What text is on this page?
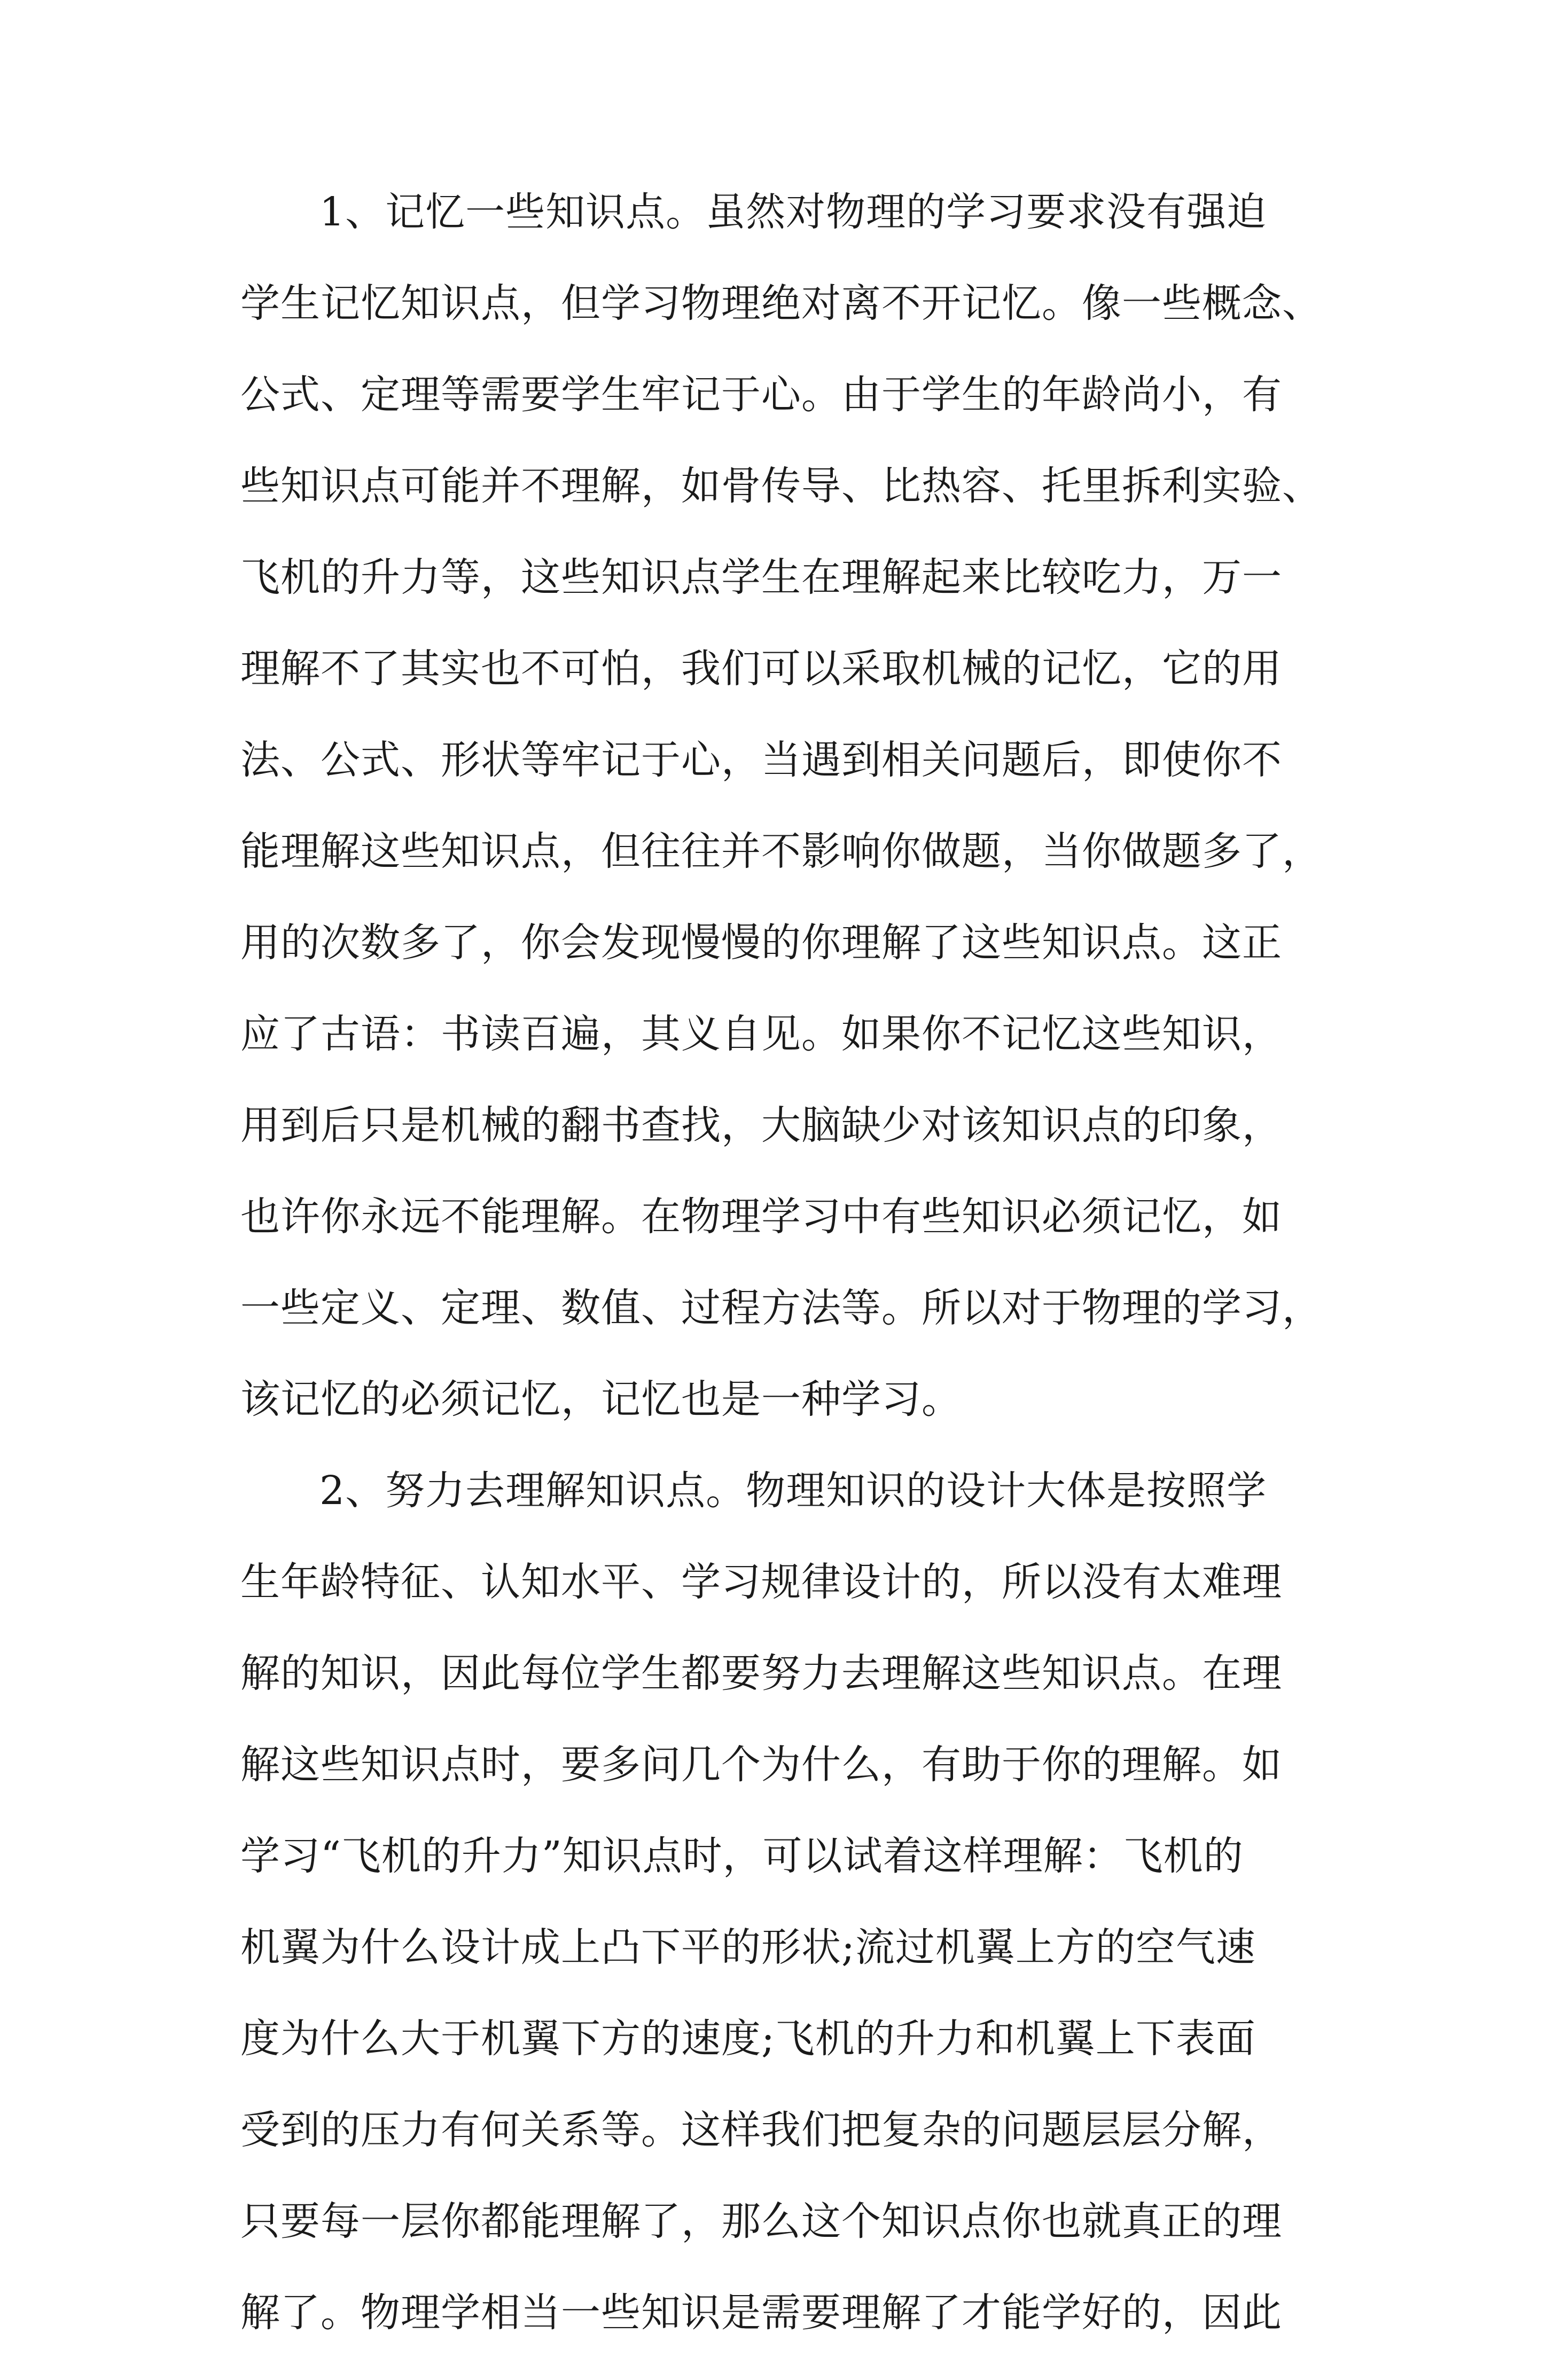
1、记忆一些知识点。虽然对物理的学习要求没有强迫
学生记忆知识点，但学习物理绝对离不开记忆。像一些概念、
公式、定理等需要学生牢记于心。由于学生的年龄尚小，有
些知识点可能并不理解，如骨传导、比热容、托里拆利实验、
飞机的升力等，这些知识点学生在理解起来比较吃力，万一
理解不了其实也不可怕，我们可以采取机械的记忆，它的用
法、公式、形状等牢记于心，当遇到相关问题后，即使你不
能理解这些知识点，但往往并不影响你做题，当你做题多了，
用的次数多了，你会发现慢慢的你理解了这些知识点。这正
应了古语：书读百遍，其义自见。如果你不记忆这些知识，
用到后只是机械的翻书查找，大脑缺少对该知识点的印象，
也许你永远不能理解。在物理学习中有些知识必须记忆，如
一些定义、定理、数值、过程方法等。所以对于物理的学习，
该记忆的必须记忆，记忆也是一种学习。
2、努力去理解知识点。物理知识的设计大体是按照学
生年龄特征、认知水平、学习规律设计的，所以没有太难理
解的知识，因此每位学生都要努力去理解这些知识点。在理
解这些知识点时，要多问几个为什么，有助于你的理解。如
学习“飞机的升力”知识点时，可以试着这样理解：飞机的
机翼为什么设计成上凸下平的形状;流过机翼上方的空气速
度为什么大于机翼下方的速度;飞机的升力和机翼上下表面
受到的压力有何关系等。这样我们把复杂的问题层层分解，
只要每一层你都能理解了，那么这个知识点你也就真正的理
解了。物理学相当一些知识是需要理解了才能学好的，因此
